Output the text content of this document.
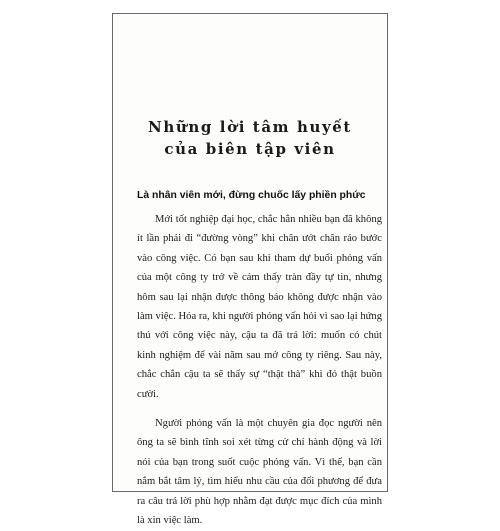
Những lời tâm huyết
của biên tập viên
Là nhân viên mới, đừng chuốc lấy phiền phức

Mới tốt nghiệp đại học, chắc hẳn nhiều bạn đã không ít lần phải đi “đường vòng” khi chân ướt chân ráo bước vào công việc. Có bạn sau khi tham dự buổi phỏng vấn của một công ty trở về cảm thấy tràn đầy tự tin, nhưng hôm sau lại nhận được thông báo không được nhận vào làm việc. Hóa ra, khi người phỏng vấn hỏi vì sao lại hứng thú với công việc này, cậu ta đã trả lời: muốn có chút kinh nghiệm để vài năm sau mở công ty riêng. Sau này, chắc chắn cậu ta sẽ thấy sự “thật thà” khi đó thật buồn cười.

Người phỏng vấn là một chuyên gia đọc người nên ông ta sẽ bình tĩnh soi xét từng cử chỉ hành động và lời nói của bạn trong suốt cuộc phỏng vấn. Vì thế, bạn cần nắm bắt tâm lý, tìm hiểu nhu cầu của đối phương để đưa ra câu trả lời phù hợp nhằm đạt được mục đích của mình là xin việc làm.
